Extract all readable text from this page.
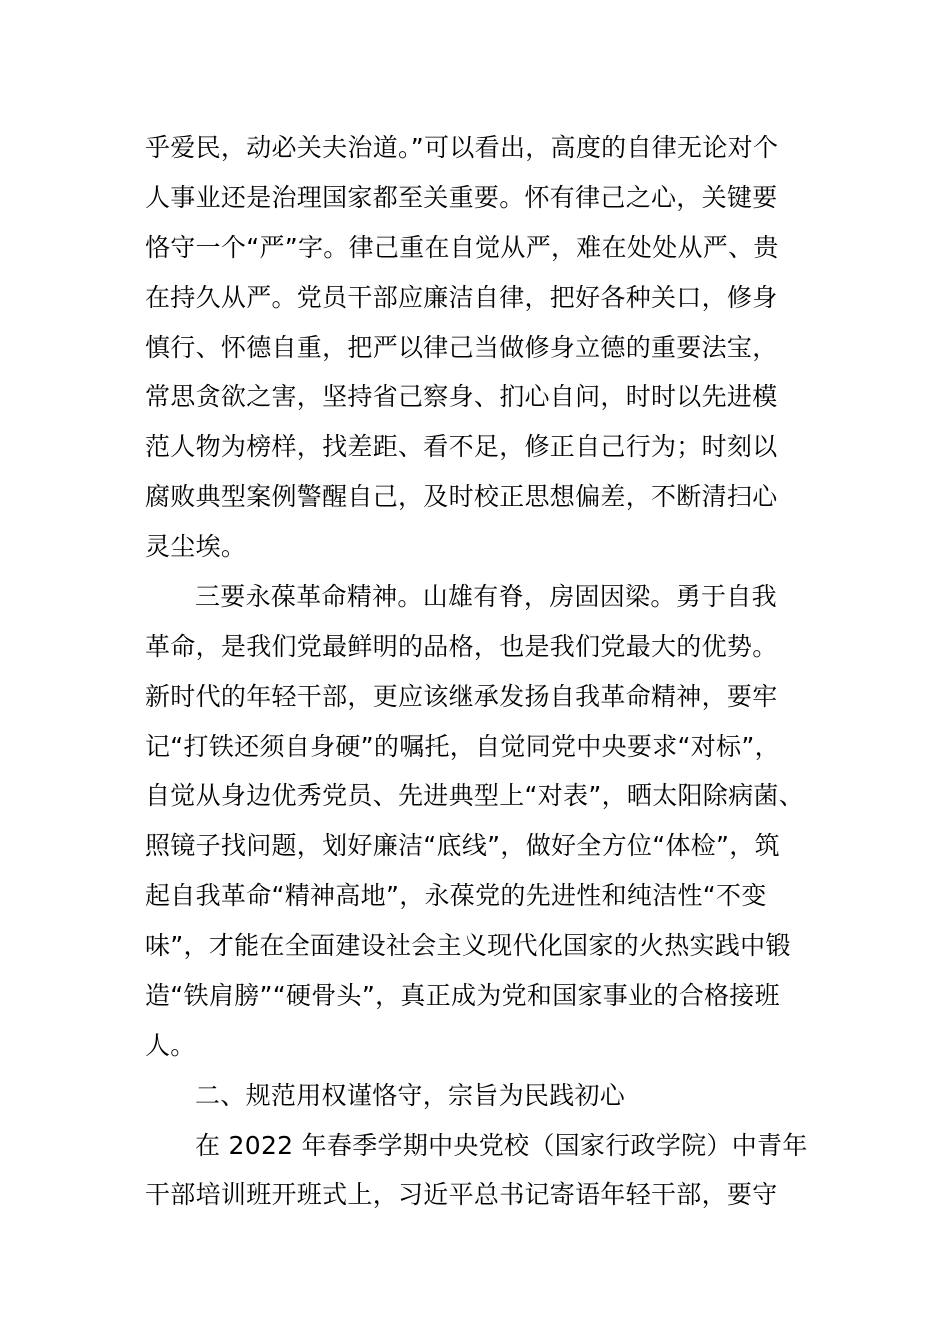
乎爱民，动必关夫治道。”可以看出，高度的自律无论对个
人事业还是治理国家都至关重要。怀有律己之心，关键要
恪守一个“严”字。律己重在自觉从严，难在处处从严、贵
在持久从严。党员干部应廉洁自律，把好各种关口，修身
慎行、怀德自重，把严以律己当做修身立德的重要法宝，
常思贪欲之害，坚持省己察身、扪心自问，时时以先进模
范人物为榜样，找差距、看不足，修正自己行为；时刻以
腐败典型案例警醒自己，及时校正思想偏差，不断清扫心
灵尘埃。
三要永葆革命精神。山雄有脊，房固因梁。勇于自我
革命，是我们党最鲜明的品格，也是我们党最大的优势。
新时代的年轻干部，更应该继承发扬自我革命精神，要牢
记“打铁还须自身硬”的嘱托，自觉同党中央要求“对标”，
自觉从身边优秀党员、先进典型上“对表”，晒太阳除病菌、
照镜子找问题，划好廉洁“底线”，做好全方位“体检”，筑
起自我革命“精神高地”，永葆党的先进性和纯洁性“不变
味”，才能在全面建设社会主义现代化国家的火热实践中锻
造“铁肩膀”“硬骨头”，真正成为党和国家事业的合格接班
人。
二、规范用权谨恪守，宗旨为民践初心
在 2022 年春季学期中央党校（国家行政学院）中青年
干部培训班开班式上，习近平总书记寄语年轻干部，要守
